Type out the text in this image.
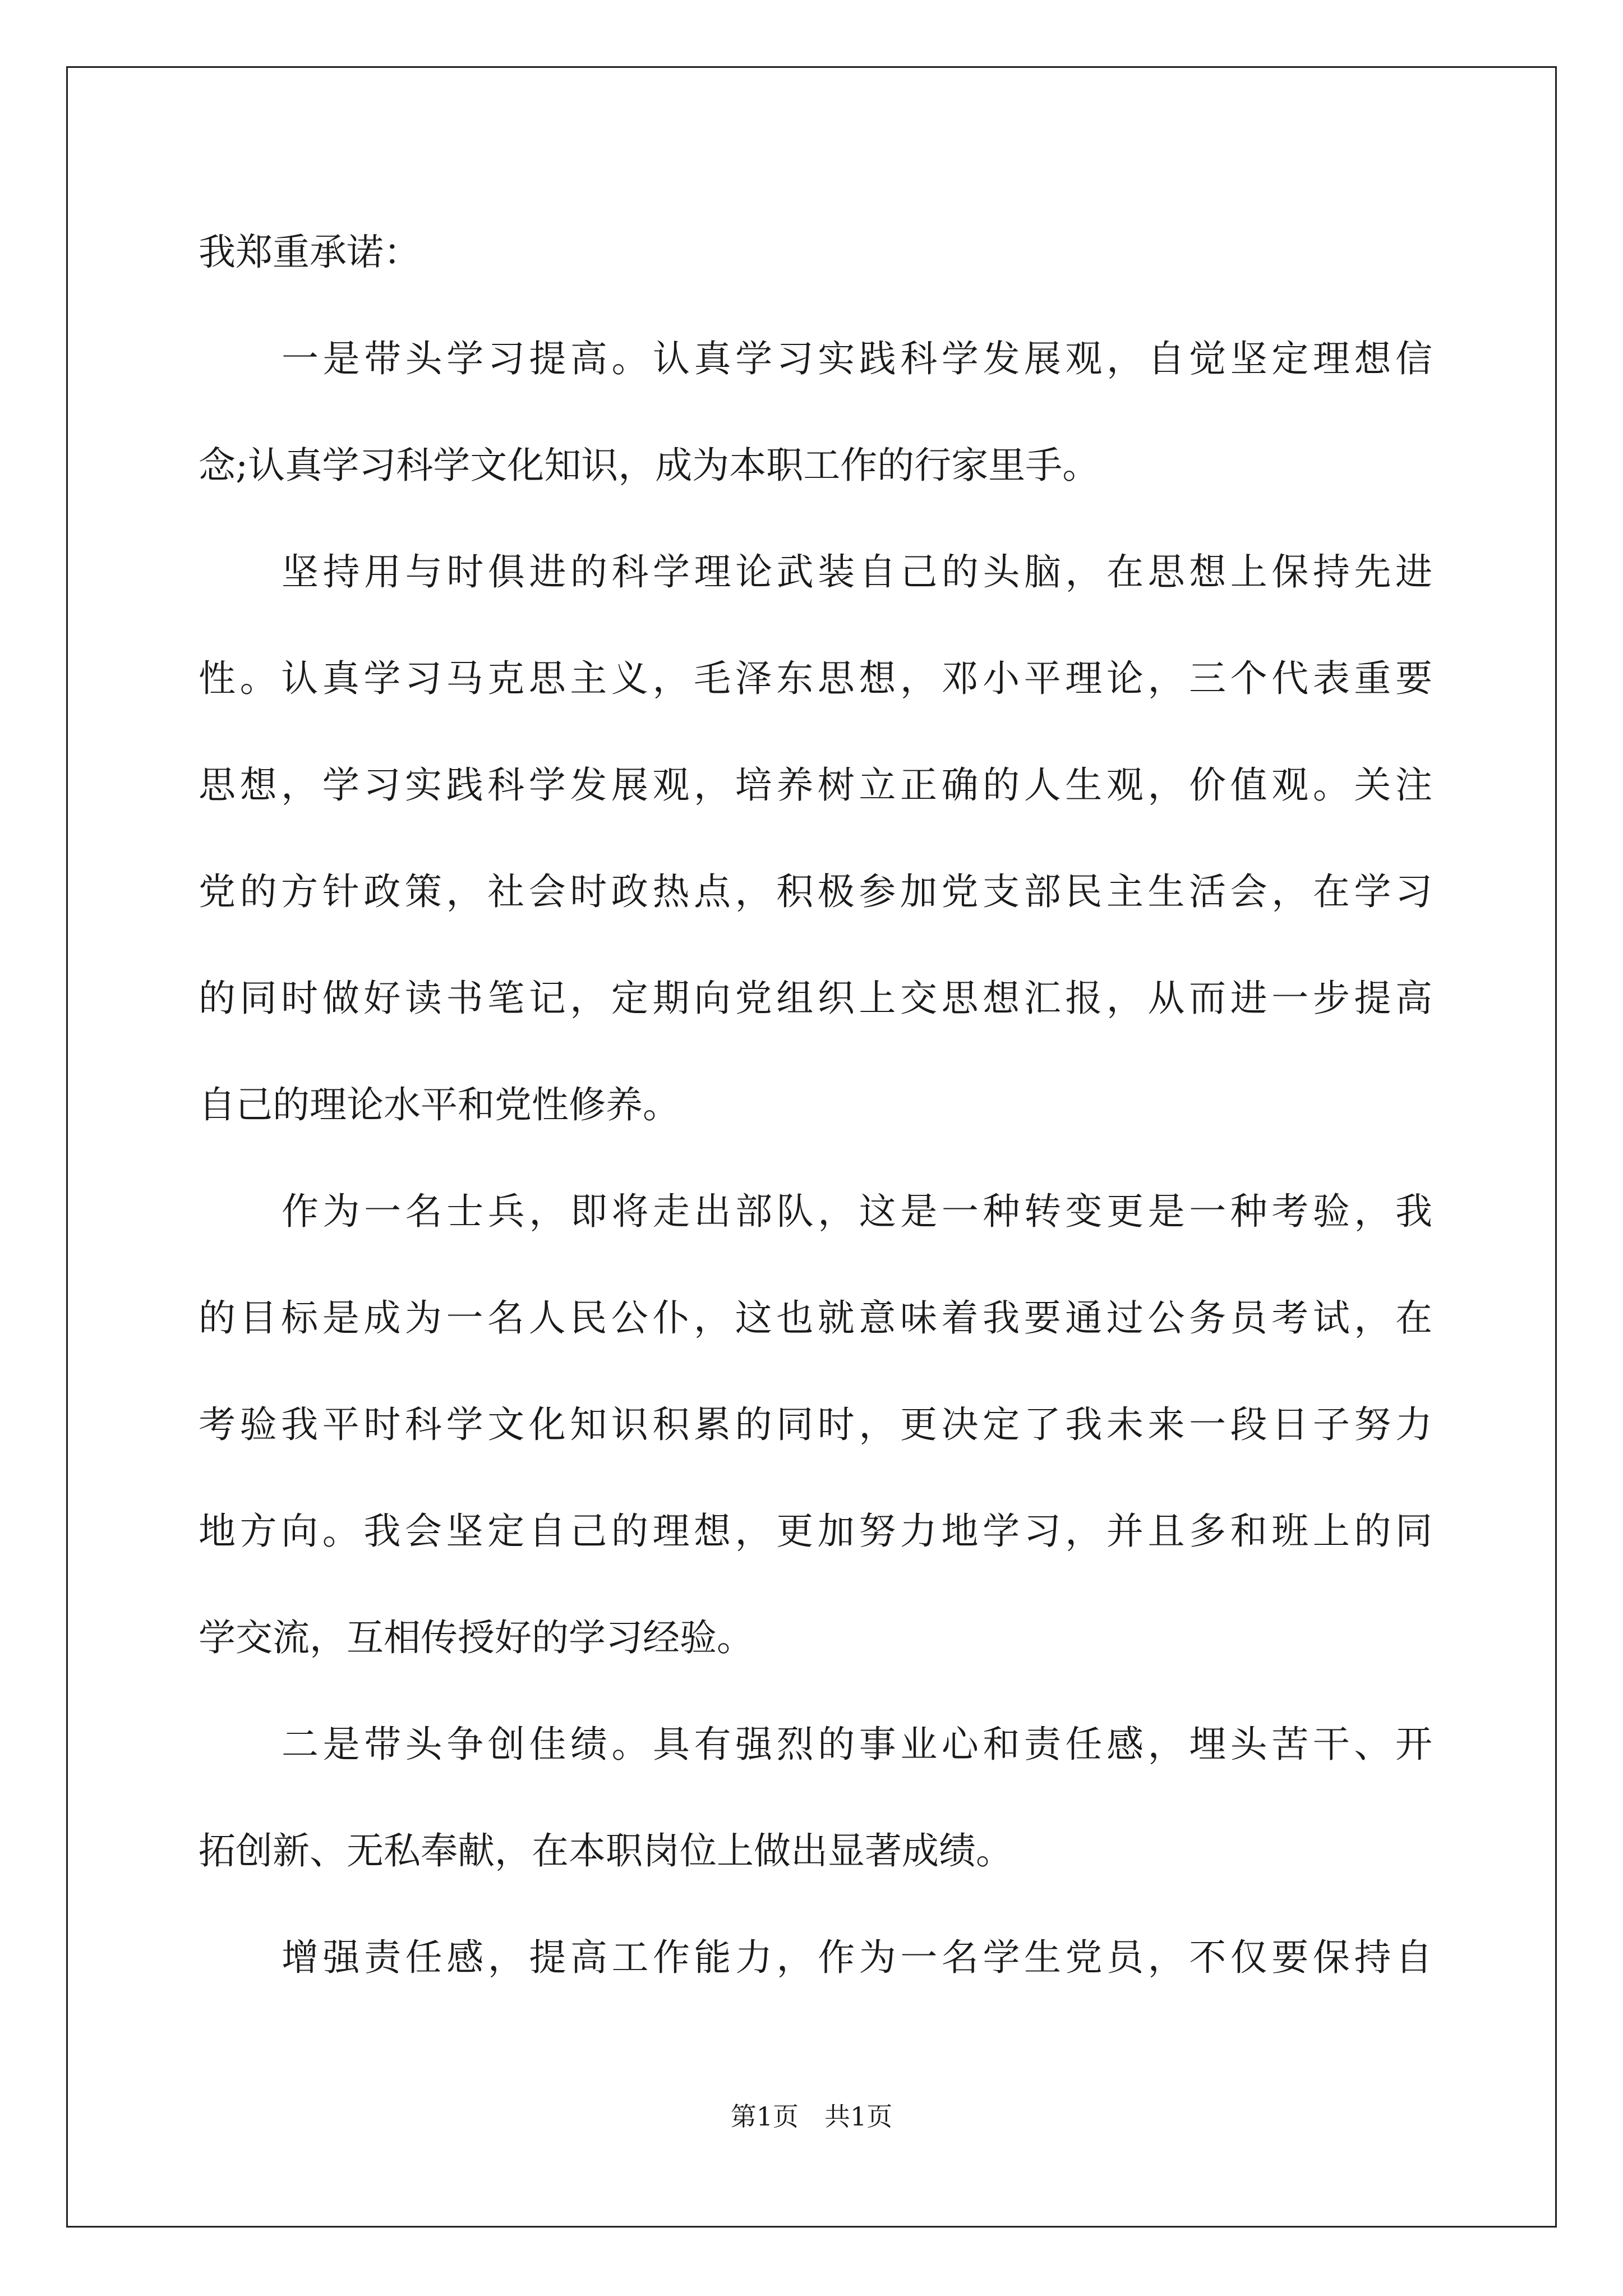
我郑重承诺：

一是带头学习提高。认真学习实践科学发展观，自觉坚定理想信

念;认真学习科学文化知识，成为本职工作的行家里手。

坚持用与时俱进的科学理论武装自己的头脑，在思想上保持先进

性。认真学习马克思主义，毛泽东思想，邓小平理论，三个代表重要

思想，学习实践科学发展观，培养树立正确的人生观，价值观。关注

党的方针政策，社会时政热点，积极参加党支部民主生活会，在学习

的同时做好读书笔记，定期向党组织上交思想汇报，从而进一步提高

自己的理论水平和党性修养。

作为一名士兵，即将走出部队，这是一种转变更是一种考验，我

的目标是成为一名人民公仆，这也就意味着我要通过公务员考试，在

考验我平时科学文化知识积累的同时，更决定了我未来一段日子努力

地方向。我会坚定自己的理想，更加努力地学习，并且多和班上的同

学交流，互相传授好的学习经验。

二是带头争创佳绩。具有强烈的事业心和责任感，埋头苦干、开

拓创新、无私奉献，在本职岗位上做出显著成绩。

增强责任感，提高工作能力，作为一名学生党员，不仅要保持自

第1页　共1页
